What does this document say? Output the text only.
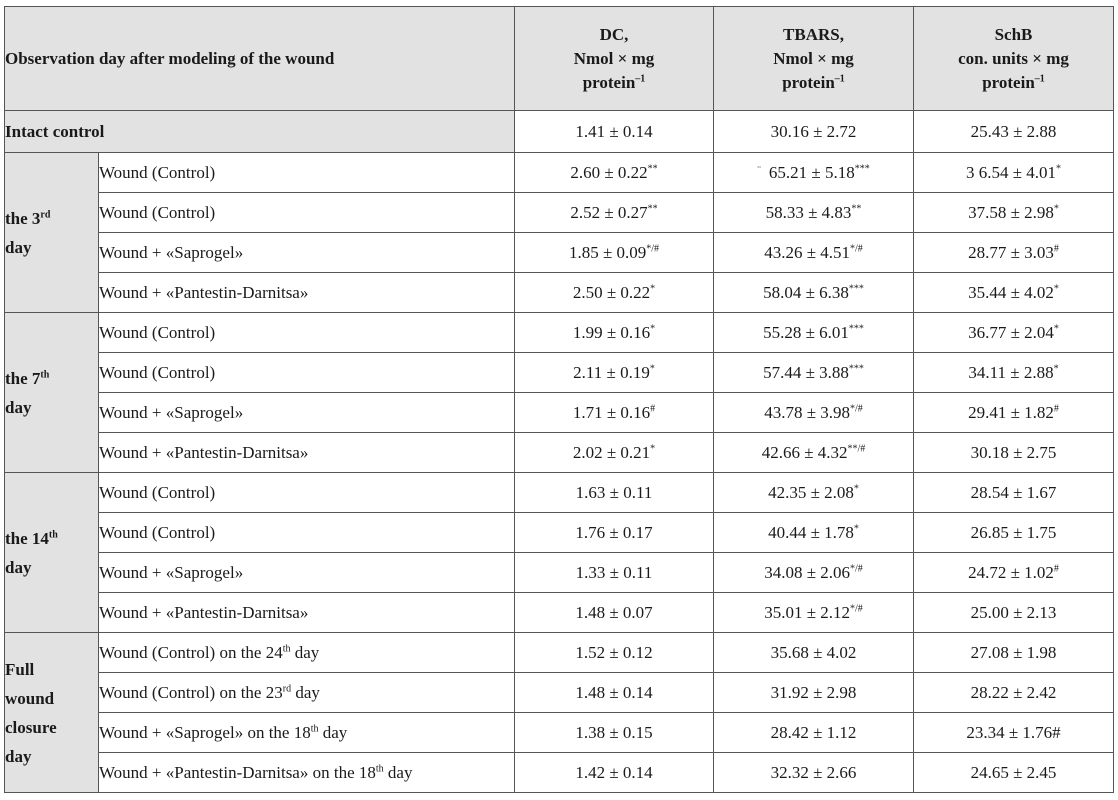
Observation day after modeling of the wound		DC,
Nmol × mg
protein$^{-1}$	TBARS,
Nmol × mg
protein$^{-1}$	SchB
con. units × mg
protein$^{-1}$

Intact control		1.41 ± 0.14	30.16 ± 2.72	25.43 ± 2.88

the 3rd
day	Wound (Control)	2.60 ± 0.22**	¨ 65.21 ± 5.18***	3 6.54 ± 4.01*
	Wound (Control)	2.52 ± 0.27**	58.33 ± 4.83**	37.58 ± 2.98*
	Wound + «Saprogel»	1.85 ± 0.09*/#	43.26 ± 4.51*/#	28.77 ± 3.03#
	Wound + «Pantestin-Darnitsa»	2.50 ± 0.22*	58.04 ± 6.38***	35.44 ± 4.02*

the 7th
day	Wound (Control)	1.99 ± 0.16*	55.28 ± 6.01***	36.77 ± 2.04*
	Wound (Control)	2.11 ± 0.19*	57.44 ± 3.88***	34.11 ± 2.88*
	Wound + «Saprogel»	1.71 ± 0.16#	43.78 ± 3.98*/#	29.41 ± 1.82#
	Wound + «Pantestin-Darnitsa»	2.02 ± 0.21*	42.66 ± 4.32**/#	30.18 ± 2.75

the 14th
day	Wound (Control)	1.63 ± 0.11	42.35 ± 2.08*	28.54 ± 1.67
	Wound (Control)	1.76 ± 0.17	40.44 ± 1.78*	26.85 ± 1.75
	Wound + «Saprogel»	1.33 ± 0.11	34.08 ± 2.06*/#	24.72 ± 1.02#
	Wound + «Pantestin-Darnitsa»	1.48 ± 0.07	35.01 ± 2.12*/#	25.00 ± 2.13

Full
wound
closure
day	Wound (Control) on the 24th day	1.52 ± 0.12	35.68 ± 4.02	27.08 ± 1.98
	Wound (Control) on the 23rd day	1.48 ± 0.14	31.92 ± 2.98	28.22 ± 2.42
	Wound + «Saprogel» on the 18th day	1.38 ± 0.15	28.42 ± 1.12	23.34 ± 1.76#
	Wound + «Pantestin-Darnitsa» on the 18th day	1.42 ± 0.14	32.32 ± 2.66	24.65 ± 2.45
